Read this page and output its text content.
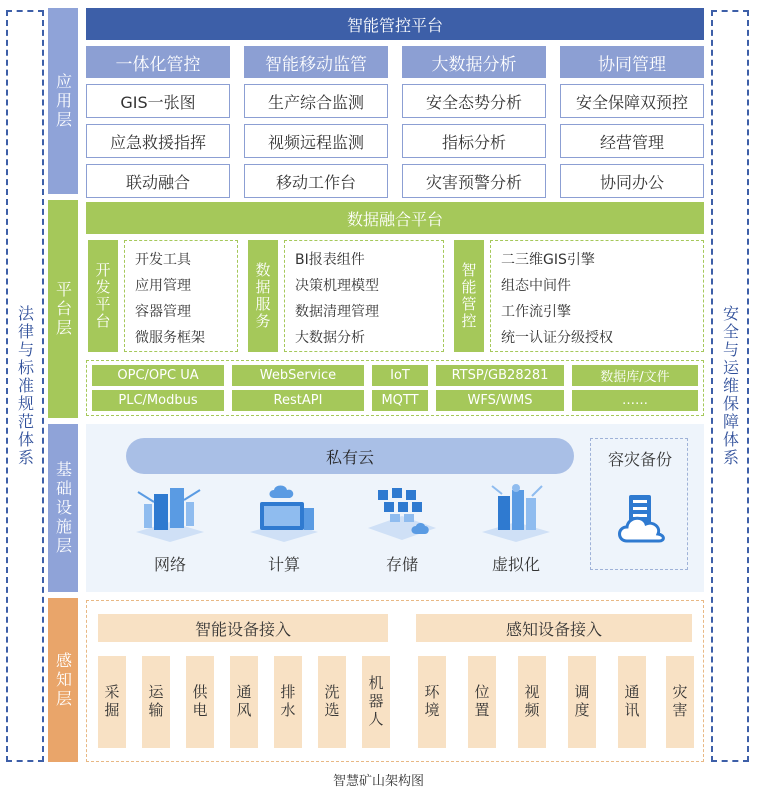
法律与标准规范体系	安全与运维保障体系
应用层
平台层
基础设施层
感知层
智能管控平台
一体化管控
GIS一张图
应急救援指挥
联动融合
智能移动监管
生产综合监测
视频远程监测
移动工作台
大数据分析
安全态势分析
指标分析
灾害预警分析
协同管理
安全保障双预控
经营管理
协同办公
数据融合平台
开发平台
开发工具
应用管理
容器管理
微服务框架
数据服务
BI报表组件
决策机理模型
数据清理管理
大数据分析
智能管控
二三维GIS引擎
组态中间件
工作流引擎
统一认证分级授权
OPC/OPC UA	WebService	IoT	RTSP/GB28281	数据库/文件
PLC/Modbus	RestAPI	MQTT	WFS/WMS	……
私有云	容灾备份
网络	计算	存储	虚拟化
智能设备接入	感知设备接入
采掘 运输 供电 通风 排水 洗选 机器人	环境 位置 视频 调度 通讯 灾害
智慧矿山架构图
